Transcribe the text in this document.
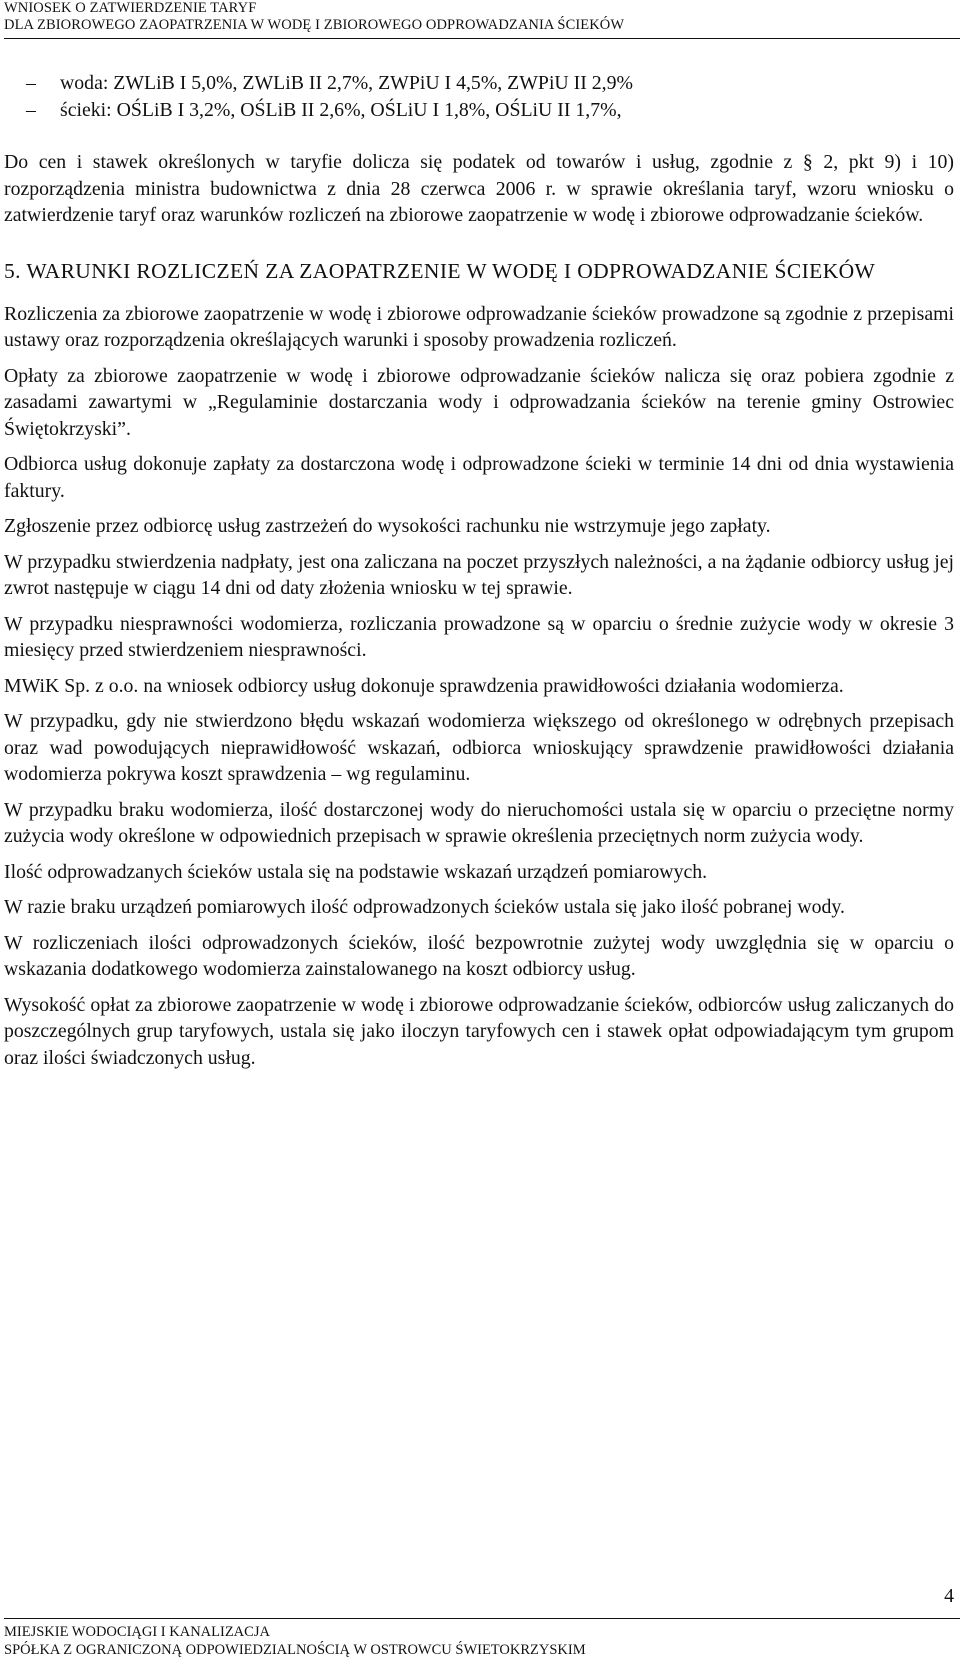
WNIOSEK O ZATWIERDZENIE TARYF
DLA ZBIOROWEGO ZAOPATRZENIA W WODĘ I ZBIOROWEGO ODPROWADZANIA ŚCIEKÓW
– woda: ZWLiB I 5,0%, ZWLiB II 2,7%, ZWPiU I 4,5%, ZWPiU II 2,9%
– ścieki: OŚLiB I 3,2%, OŚLiB II 2,6%, OŚLiU I 1,8%, OŚLiU II 1,7%,

Do cen i stawek określonych w taryfie dolicza się podatek od towarów i usług, zgodnie z § 2, pkt 9) i 10) rozporządzenia ministra budownictwa z dnia 28 czerwca 2006 r. w sprawie określania taryf, wzoru wniosku o zatwierdzenie taryf oraz warunków rozliczeń na zbiorowe zaopatrzenie w wodę i zbiorowe odprowadzanie ścieków.

5. WARUNKI ROZLICZEŃ ZA ZAOPATRZENIE W WODĘ I ODPROWADZANIE ŚCIEKÓW

Rozliczenia za zbiorowe zaopatrzenie w wodę i zbiorowe odprowadzanie ścieków prowadzone są zgodnie z przepisami ustawy oraz rozporządzenia określających warunki i sposoby prowadzenia rozliczeń.

Opłaty za zbiorowe zaopatrzenie w wodę i zbiorowe odprowadzanie ścieków nalicza się oraz pobiera zgodnie z zasadami zawartymi w „Regulaminie dostarczania wody i odprowadzania ścieków na terenie gminy Ostrowiec Świętokrzyski”.

Odbiorca usług dokonuje zapłaty za dostarczona wodę i odprowadzone ścieki w terminie 14 dni od dnia wystawienia faktury.

Zgłoszenie przez odbiorcę usług zastrzeżeń do wysokości rachunku nie wstrzymuje jego zapłaty.

W przypadku stwierdzenia nadpłaty, jest ona zaliczana na poczet przyszłych należności, a na żądanie odbiorcy usług jej zwrot następuje w ciągu 14 dni od daty złożenia wniosku w tej sprawie.

W przypadku niesprawności wodomierza, rozliczania prowadzone są w oparciu o średnie zużycie wody w okresie 3 miesięcy przed stwierdzeniem niesprawności.

MWiK Sp. z o.o. na wniosek odbiorcy usług dokonuje sprawdzenia prawidłowości działania wodomierza.

W przypadku, gdy nie stwierdzono błędu wskazań wodomierza większego od określonego w odrębnych przepisach oraz wad powodujących nieprawidłowość wskazań, odbiorca wnioskujący sprawdzenie prawidłowości działania wodomierza pokrywa koszt sprawdzenia – wg regulaminu.

W przypadku braku wodomierza, ilość dostarczonej wody do nieruchomości ustala się w oparciu o przeciętne normy zużycia wody określone w odpowiednich przepisach w sprawie określenia przeciętnych norm zużycia wody.

Ilość odprowadzanych ścieków ustala się na podstawie wskazań urządzeń pomiarowych.

W razie braku urządzeń pomiarowych ilość odprowadzonych ścieków ustala się jako ilość pobranej wody.

W rozliczeniach ilości odprowadzonych ścieków, ilość bezpowrotnie zużytej wody uwzględnia się w oparciu o wskazania dodatkowego wodomierza zainstalowanego na koszt odbiorcy usług.

Wysokość opłat za zbiorowe zaopatrzenie w wodę i zbiorowe odprowadzanie ścieków, odbiorców usług zaliczanych do poszczególnych grup taryfowych, ustala się jako iloczyn taryfowych cen i stawek opłat odpowiadającym tym grupom oraz ilości świadczonych usług.

4
MIEJSKIE WODOCIĄGI I KANALIZACJA
SPÓŁKA Z OGRANICZONĄ ODPOWIEDZIALNOŚCIĄ W OSTROWCU ŚWIETOKRZYSKIM
